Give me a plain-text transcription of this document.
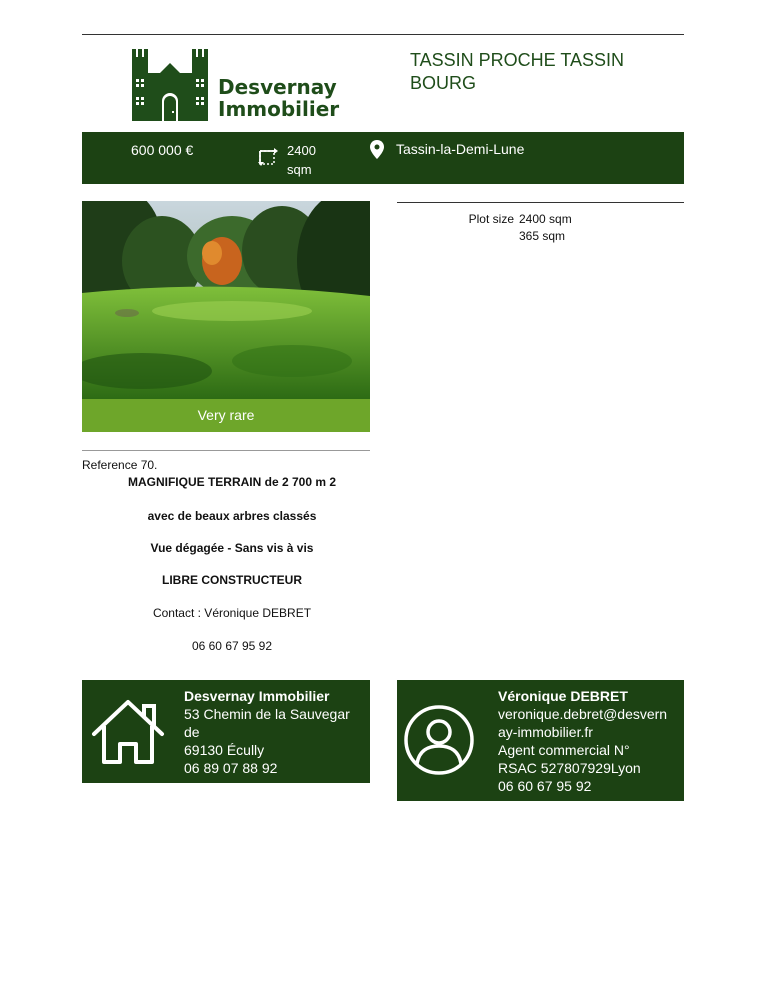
Desvernay
Immobilier
TASSIN PROCHE TASSIN
BOURG
600 000 €	2400
sqm
Tassin-la-Demi-Lune
Very rare
Plot size 2400 sqm
365 sqm
Reference 70.

MAGNIFIQUE TERRAIN de 2 700 m 2

avec de beaux arbres classés

Vue dégagée - Sans vis à vis

LIBRE CONSTRUCTEUR

Contact : Véronique DEBRET

06 60 67 95 92

Desvernay Immobilier
53 Chemin de la Sauvegar
de
69130 Écully
06 89 07 88 92
Véronique DEBRET
veronique.debret@desvern
ay-immobilier.fr
Agent commercial N°
RSAC 527807929Lyon
06 60 67 95 92
